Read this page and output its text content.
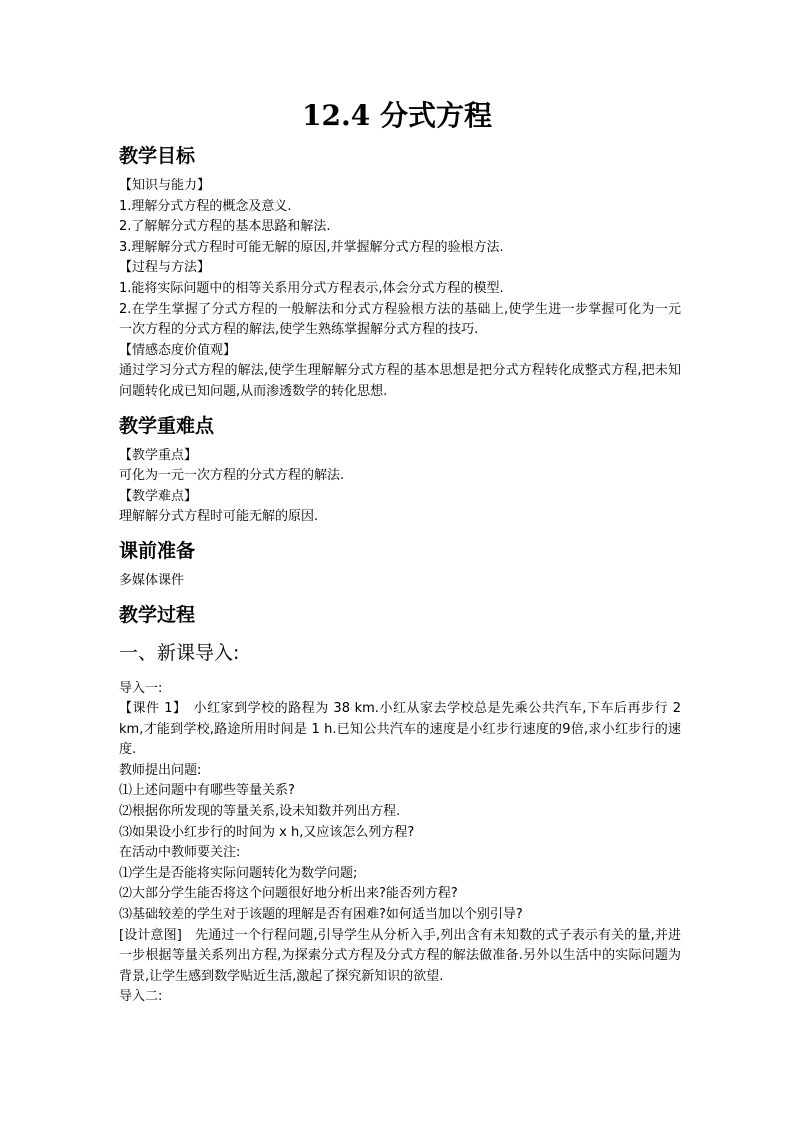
12.4 分式方程
教学目标

【知识与能力】

1.理解分式方程的概念及意义.

2.了解解分式方程的基本思路和解法.

3.理解解分式方程时可能无解的原因,并掌握解分式方程的验根方法.

【过程与方法】

1.能将实际问题中的相等关系用分式方程表示,体会分式方程的模型.

2.在学生掌握了分式方程的一般解法和分式方程验根方法的基础上,使学生进一步掌握可化为一元一次方程的分式方程的解法,使学生熟练掌握解分式方程的技巧.

【情感态度价值观】

通过学习分式方程的解法,使学生理解解分式方程的基本思想是把分式方程转化成整式方程,把未知问题转化成已知问题,从而渗透数学的转化思想.

教学重难点

【教学重点】

可化为一元一次方程的分式方程的解法.

【教学难点】

理解解分式方程时可能无解的原因.

课前准备

多媒体课件

教学过程
一、新课导入:

导入一:

【课件 1】　小红家到学校的路程为 38 km.小红从家去学校总是先乘公共汽车,下车后再步行 2 km,才能到学校,路途所用时间是 1 h.已知公共汽车的速度是小红步行速度的9倍,求小红步行的速度.

教师提出问题:

⑴上述问题中有哪些等量关系?

⑵根据你所发现的等量关系,设未知数并列出方程.

⑶如果设小红步行的时间为 x h,又应该怎么列方程?

在活动中教师要关注:

⑴学生是否能将实际问题转化为数学问题;

⑵大部分学生能否将这个问题很好地分析出来?能否列方程?

⑶基础较差的学生对于该题的理解是否有困难?如何适当加以个别引导?

[设计意图]　先通过一个行程问题,引导学生从分析入手,列出含有未知数的式子表示有关的量,并进一步根据等量关系列出方程,为探索分式方程及分式方程的解法做准备.另外以生活中的实际问题为背景,让学生感到数学贴近生活,激起了探究新知识的欲望.

导入二:
